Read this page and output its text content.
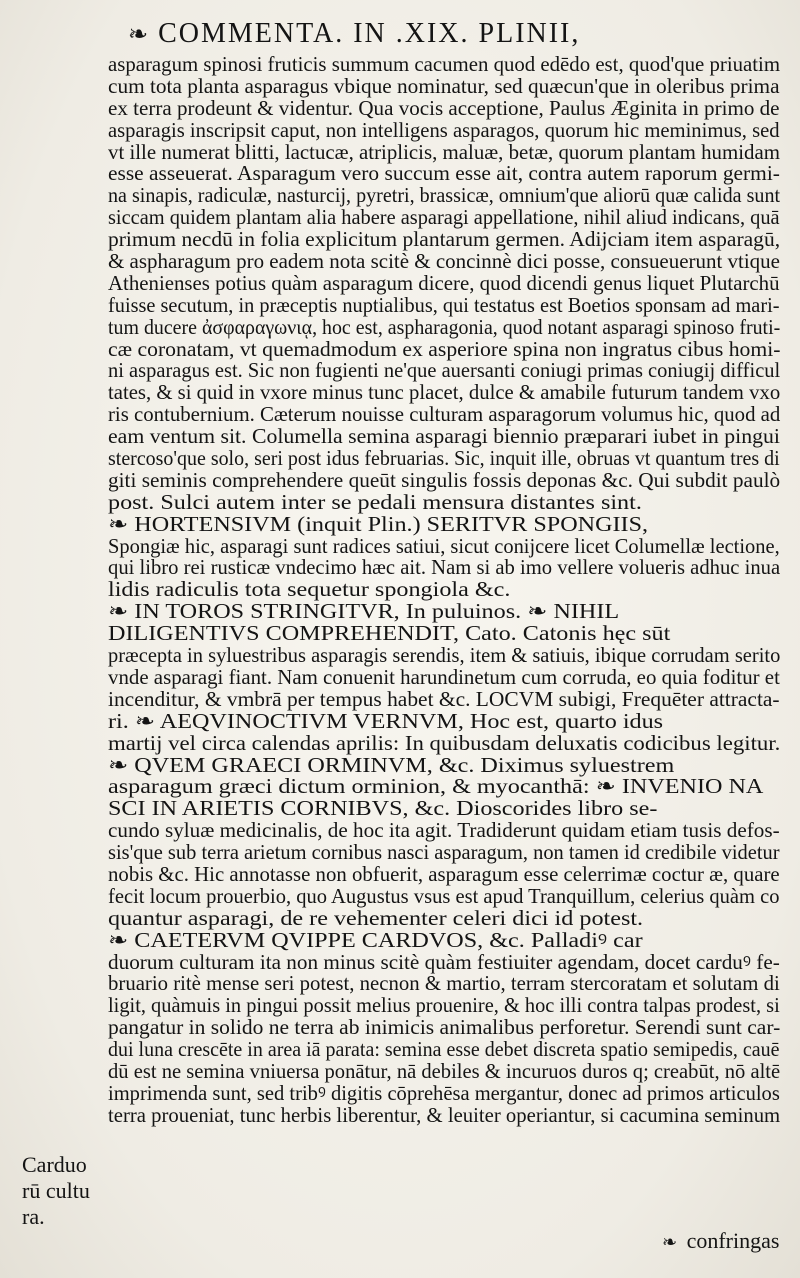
❧ COMMENTA. IN .XIX. PLINII,
asparagum spinosi fruticis summum cacumen quod edēdo est, quod'que priuatim
cum tota planta asparagus vbique nominatur, sed quæcun'que in oleribus prima
ex terra prodeunt & videntur. Qua vocis acceptione, Paulus Æginita in primo de
asparagis inscripsit caput, non intelligens asparagos, quorum hic meminimus, sed
vt ille numerat blitti, lactucæ, atriplicis, maluæ, betæ, quorum plantam humidam
esse asseuerat. Asparagum vero succum esse ait, contra autem raporum germi-
na sinapis, radiculæ, nasturcij, pyretri, brassicæ, omnium'que aliorū quæ calida sunt
siccam quidem plantam alia habere asparagi appellatione, nihil aliud indicans, quā
primum necdū in folia explicitum plantarum germen. Adijciam item asparagū,
& aspharagum pro eadem nota scitè & concinnè dici posse, consueuerunt vtique
Athenienses potius quàm asparagum dicere, quod dicendi genus liquet Plutarchū
fuisse secutum, in præceptis nuptialibus, qui testatus est Boetios sponsam ad mari-
tum ducere ἀσφαραγωνιᾳ, hoc est, aspharagonia, quod notant asparagi spinoso fruti-
cæ coronatam, vt quemadmodum ex asperiore spina non ingratus cibus homi-
ni asparagus est. Sic non fugienti ne'que auersanti coniugi primas coniugij difficul
tates, & si quid in vxore minus tunc placet, dulce & amabile futurum tandem vxo
ris contubernium. Cæterum nouisse culturam asparagorum volumus hic, quod ad
eam ventum sit. Columella semina asparagi biennio præparari iubet in pingui
stercoso'que solo, seri post idus februarias. Sic, inquit ille, obruas vt quantum tres di
giti seminis comprehendere queūt singulis fossis deponas &c. Qui subdit paulò
post. Sulci autem inter se pedali mensura distantes sint.
❧ HORTENSIVM (inquit Plin.) SERITVR SPONGIIS,
Spongiæ hic, asparagi sunt radices satiui, sicut conijcere licet Columellæ lectione,
qui libro rei rusticæ vndecimo hæc ait. Nam si ab imo vellere volueris adhuc inua
lidis radiculis tota sequetur spongiola &c.
❧ IN TOROS STRINGITVR, In puluinos. ❧ NIHIL
DILIGENTIVS COMPREHENDIT, Cato. Catonis hęc sūt
præcepta in syluestribus asparagis serendis, item & satiuis, ibique corrudam serito
vnde asparagi fiant. Nam conuenit harundinetum cum corruda, eo quia foditur et
incenditur, & vmbrā per tempus habet &c. LOCVM subigi, Frequēter attracta-
ri. ❧ AEQVINOCTIVM VERNVM, Hoc est, quarto idus
martij vel circa calendas aprilis: In quibusdam deluxatis codicibus legitur.
❧ QVEM GRAECI ORMINVM, &c. Diximus syluestrem
asparagum græci dictum orminion, & myocanthā: ❧ INVENIO NA
SCI IN ARIETIS CORNIBVS, &c. Dioscorides libro se-
cundo syluæ medicinalis, de hoc ita agit. Tradiderunt quidam etiam tusis defos-
sis'que sub terra arietum cornibus nasci asparagum, non tamen id credibile videtur
nobis &c. Hic annotasse non obfuerit, asparagum esse celerrimæ coctur æ, quare
fecit locum prouerbio, quo Augustus vsus est apud Tranquillum, celerius quàm co
quantur asparagi, de re vehementer celeri dici id potest.
❧ CAETERVM QVIPPE CARDVOS, &c. Palladiꝰ car
duorum culturam ita non minus scitè quàm festiuiter agendam, docet carduꝰ fe-
bruario ritè mense seri potest, necnon & martio, terram stercoratam et solutam di
ligit, quàmuis in pingui possit melius prouenire, & hoc illi contra talpas prodest, si
pangatur in solido ne terra ab inimicis animalibus perforetur. Serendi sunt car-
dui luna crescēte in area iā parata: semina esse debet discreta spatio semipedis, cauē
dū est ne semina vniuersa ponātur, nā debiles & incuruos duros q; creabūt, nō altē
imprimenda sunt, sed tribꝰ digitis cōprehēsa mergantur, donec ad primos articulos
terra proueniat, tunc herbis liberentur, & leuiter operiantur, si cacumina seminum
Carduo
rū cultu
ra.
❧ confringas
